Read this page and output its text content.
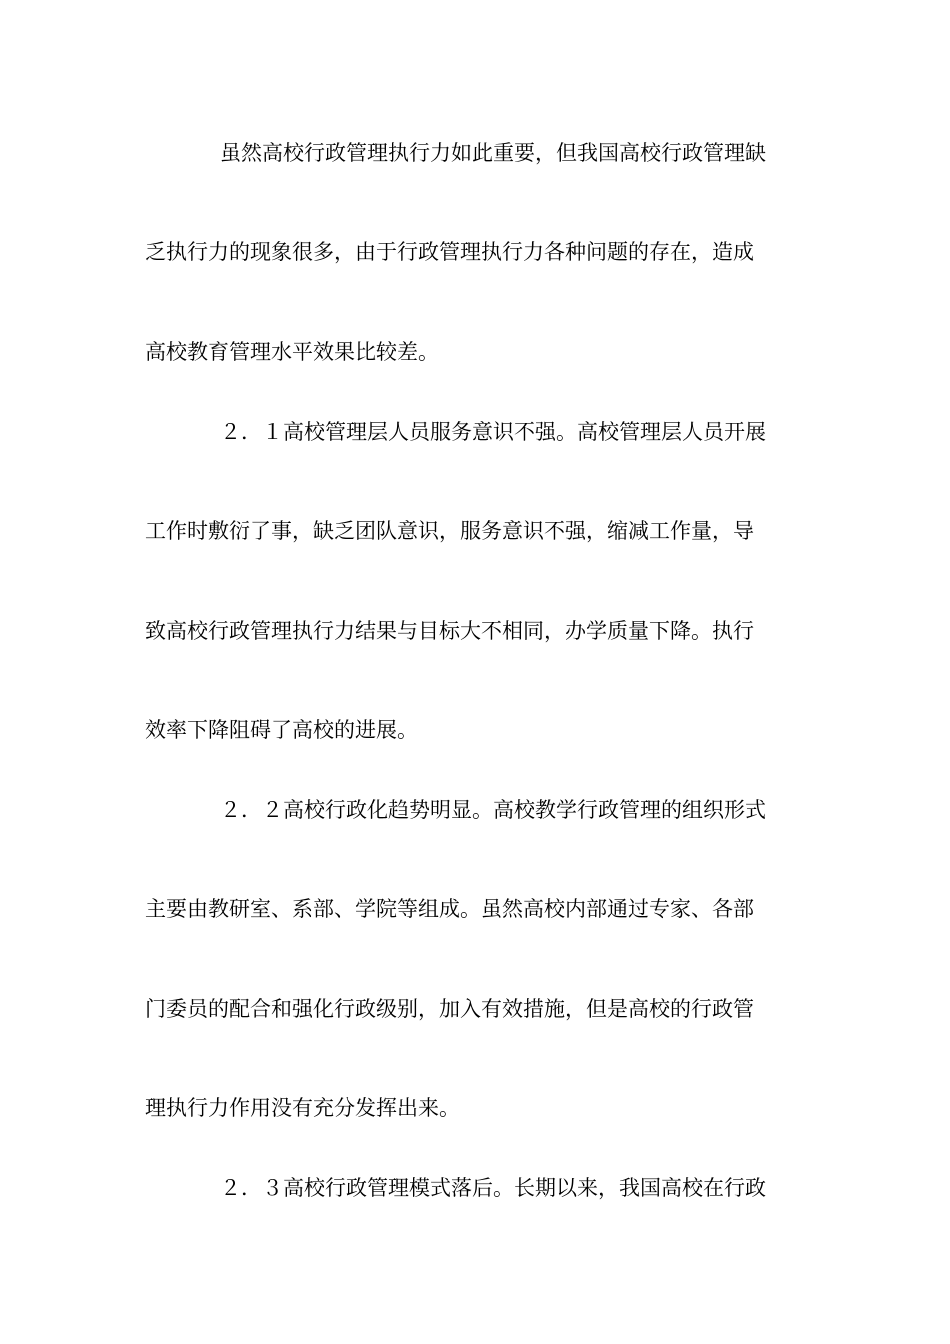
虽然高校行政管理执行力如此重要，但我国高校行政管理缺
乏执行力的现象很多，由于行政管理执行力各种问题的存在，造成
高校教育管理水平效果比较差。
２．１高校管理层人员服务意识不强。高校管理层人员开展
工作时敷衍了事，缺乏团队意识，服务意识不强，缩减工作量，导
致高校行政管理执行力结果与目标大不相同，办学质量下降。执行
效率下降阻碍了高校的进展。
２．２高校行政化趋势明显。高校教学行政管理的组织形式
主要由教研室、系部、学院等组成。虽然高校内部通过专家、各部
门委员的配合和强化行政级别，加入有效措施，但是高校的行政管
理执行力作用没有充分发挥出来。
２．３高校行政管理模式落后。长期以来，我国高校在行政
